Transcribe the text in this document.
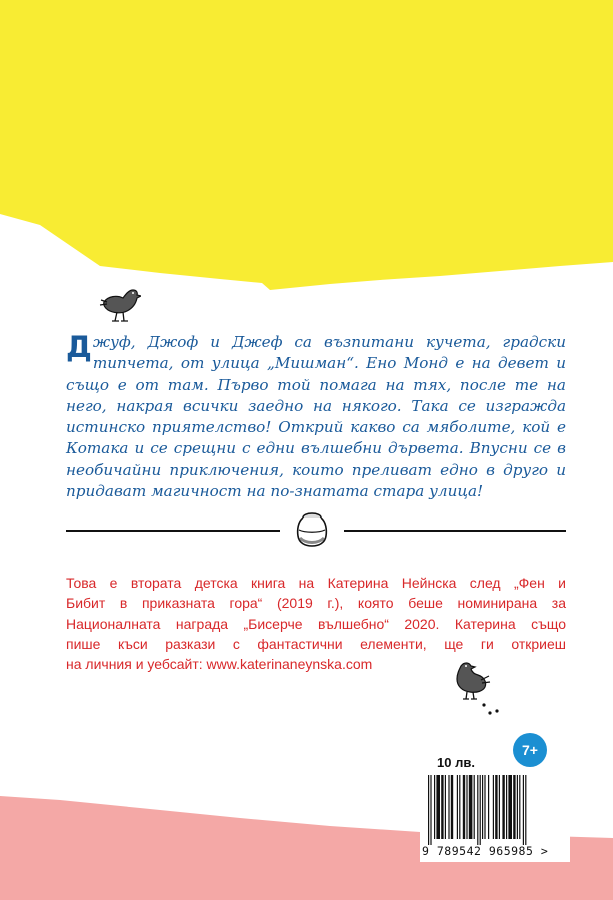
Д жуф, Джоф и Джеф са възпитани кучета, градски типчета, от улица „Мишман“. Ено Монд е на девет и също е от там. Първо той помага на тях, после те на него, накрая всички заедно на някого. Така се изгражда истинско приятелство! Открий какво са мяболите, кой е Котака и се срещни с едни вълшебни дървета. Впусни се в необичайни приключения, които преливат едно в друго и придават магичност на по-знатата стара улица!
Това е втората детска книга на Катерина Нейнска след „Фен и
Бибит в приказната гора“ (2019 г.), която беше номинирана за
Националната награда „Бисерче вълшебно“ 2020. Катерина също
пише къси разкази с фантастични елементи, ще ги откриеш
на личния и уебсайт: www.katerinaneynska.com
10 лв.
7+
9 789542 965985 >
